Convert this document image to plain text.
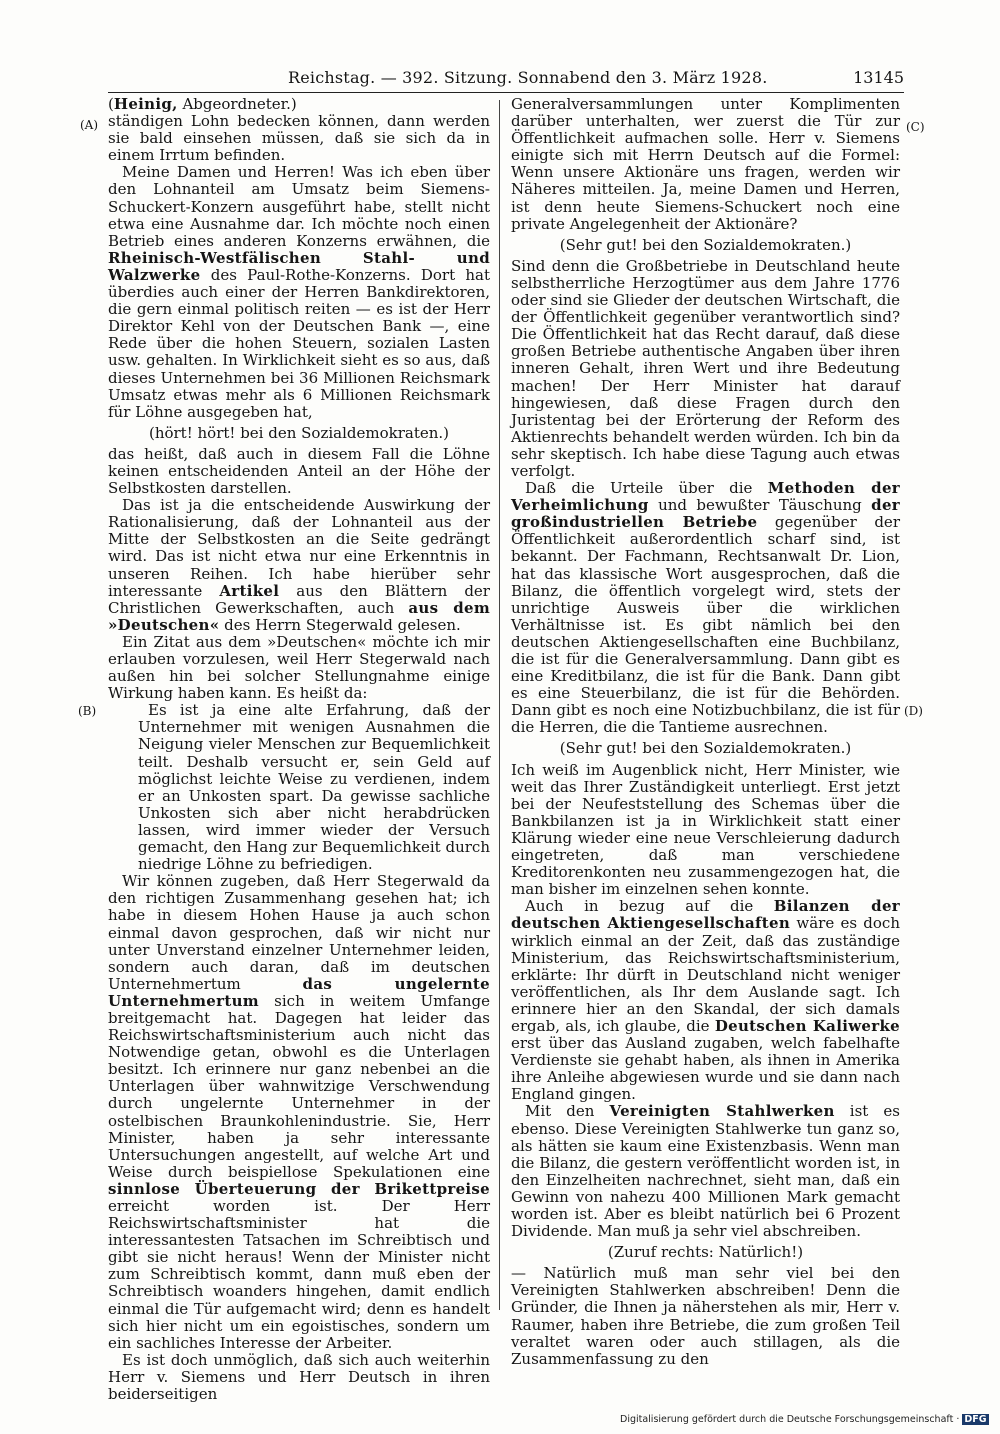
Reichstag. — 392. Sitzung. Sonnabend den 3. März 1928.	13145
(A)
(B)
(C)
(D)

(Heinig, Abgeordneter.)

ständigen Lohn bedecken können, dann werden sie bald einsehen müssen, daß sie sich da in einem Irrtum befinden.

Meine Damen und Herren! Was ich eben über den Lohnanteil am Umsatz beim Siemens-Schuckert-Konzern ausgeführt habe, stellt nicht etwa eine Ausnahme dar. Ich möchte noch einen Betrieb eines anderen Konzerns erwähnen, die Rheinisch-Westfälischen Stahl- und Walzwerke des Paul-Rothe-Konzerns. Dort hat überdies auch einer der Herren Bankdirektoren, die gern einmal politisch reiten — es ist der Herr Direktor Kehl von der Deutschen Bank —, eine Rede über die hohen Steuern, sozialen Lasten usw. gehalten. In Wirklichkeit sieht es so aus, daß dieses Unternehmen bei 36 Millionen Reichsmark Umsatz etwas mehr als 6 Millionen Reichsmark für Löhne ausgegeben hat,

(hört! hört! bei den Sozialdemokraten.)

das heißt, daß auch in diesem Fall die Löhne keinen entscheidenden Anteil an der Höhe der Selbstkosten darstellen.

Das ist ja die entscheidende Auswirkung der Rationalisierung, daß der Lohnanteil aus der Mitte der Selbstkosten an die Seite gedrängt wird. Das ist nicht etwa nur eine Erkenntnis in unseren Reihen. Ich habe hierüber sehr interessante Artikel aus den Blättern der Christlichen Gewerkschaften, auch aus dem »Deutschen« des Herrn Stegerwald gelesen.

Ein Zitat aus dem »Deutschen« möchte ich mir erlauben vorzulesen, weil Herr Stegerwald nach außen hin bei solcher Stellungnahme einige Wirkung haben kann. Es heißt da:

Es ist ja eine alte Erfahrung, daß der Unternehmer mit wenigen Ausnahmen die Neigung vieler Menschen zur Bequemlichkeit teilt. Deshalb versucht er, sein Geld auf möglichst leichte Weise zu verdienen, indem er an Unkosten spart. Da gewisse sachliche Unkosten sich aber nicht herabdrücken lassen, wird immer wieder der Versuch gemacht, den Hang zur Bequemlichkeit durch niedrige Löhne zu befriedigen.

Wir können zugeben, daß Herr Stegerwald da den richtigen Zusammenhang gesehen hat; ich habe in diesem Hohen Hause ja auch schon einmal davon gesprochen, daß wir nicht nur unter Unverstand einzelner Unternehmer leiden, sondern auch daran, daß im deutschen Unternehmertum das ungelernte Unternehmertum sich in weitem Umfange breitgemacht hat. Dagegen hat leider das Reichswirtschaftsministerium auch nicht das Notwendige getan, obwohl es die Unterlagen besitzt. Ich erinnere nur ganz nebenbei an die Unterlagen über wahnwitzige Verschwendung durch ungelernte Unternehmer in der ostelbischen Braunkohlenindustrie. Sie, Herr Minister, haben ja sehr interessante Untersuchungen angestellt, auf welche Art und Weise durch beispiellose Spekulationen eine sinnlose Überteuerung der Brikettpreise erreicht worden ist. Der Herr Reichswirtschaftsminister hat die interessantesten Tatsachen im Schreibtisch und gibt sie nicht heraus! Wenn der Minister nicht zum Schreibtisch kommt, dann muß eben der Schreibtisch woanders hingehen, damit endlich einmal die Tür aufgemacht wird; denn es handelt sich hier nicht um ein egoistisches, sondern um ein sachliches Interesse der Arbeiter.

Es ist doch unmöglich, daß sich auch weiterhin Herr v. Siemens und Herr Deutsch in ihren beiderseitigen

Generalversammlungen unter Komplimenten darüber unterhalten, wer zuerst die Tür zur Öffentlichkeit aufmachen solle. Herr v. Siemens einigte sich mit Herrn Deutsch auf die Formel: Wenn unsere Aktionäre uns fragen, werden wir Näheres mitteilen. Ja, meine Damen und Herren, ist denn heute Siemens-Schuckert noch eine private Angelegenheit der Aktionäre?

(Sehr gut! bei den Sozialdemokraten.)

Sind denn die Großbetriebe in Deutschland heute selbstherrliche Herzogtümer aus dem Jahre 1776 oder sind sie Glieder der deutschen Wirtschaft, die der Öffentlichkeit gegenüber verantwortlich sind? Die Öffentlichkeit hat das Recht darauf, daß diese großen Betriebe authentische Angaben über ihren inneren Gehalt, ihren Wert und ihre Bedeutung machen! Der Herr Minister hat darauf hingewiesen, daß diese Fragen durch den Juristentag bei der Erörterung der Reform des Aktienrechts behandelt werden würden. Ich bin da sehr skeptisch. Ich habe diese Tagung auch etwas verfolgt.

Daß die Urteile über die Methoden der Verheimlichung und bewußter Täuschung der großindustriellen Betriebe gegenüber der Öffentlichkeit außerordentlich scharf sind, ist bekannt. Der Fachmann, Rechtsanwalt Dr. Lion, hat das klassische Wort ausgesprochen, daß die Bilanz, die öffentlich vorgelegt wird, stets der unrichtige Ausweis über die wirklichen Verhältnisse ist. Es gibt nämlich bei den deutschen Aktiengesellschaften eine Buchbilanz, die ist für die Generalversammlung. Dann gibt es eine Kreditbilanz, die ist für die Bank. Dann gibt es eine Steuerbilanz, die ist für die Behörden. Dann gibt es noch eine Notizbuchbilanz, die ist für die Herren, die die Tantieme ausrechnen.

(Sehr gut! bei den Sozialdemokraten.)

Ich weiß im Augenblick nicht, Herr Minister, wie weit das Ihrer Zuständigkeit unterliegt. Erst jetzt bei der Neufeststellung des Schemas über die Bankbilanzen ist ja in Wirklichkeit statt einer Klärung wieder eine neue Verschleierung dadurch eingetreten, daß man verschiedene Kreditorenkonten neu zusammengezogen hat, die man bisher im einzelnen sehen konnte.

Auch in bezug auf die Bilanzen der deutschen Aktiengesellschaften wäre es doch wirklich einmal an der Zeit, daß das zuständige Ministerium, das Reichswirtschaftsministerium, erklärte: Ihr dürft in Deutschland nicht weniger veröffentlichen, als Ihr dem Auslande sagt. Ich erinnere hier an den Skandal, der sich damals ergab, als, ich glaube, die Deutschen Kaliwerke erst über das Ausland zugaben, welch fabelhafte Verdienste sie gehabt haben, als ihnen in Amerika ihre Anleihe abgewiesen wurde und sie dann nach England gingen.

Mit den Vereinigten Stahlwerken ist es ebenso. Diese Vereinigten Stahlwerke tun ganz so, als hätten sie kaum eine Existenzbasis. Wenn man die Bilanz, die gestern veröffentlicht worden ist, in den Einzelheiten nachrechnet, sieht man, daß ein Gewinn von nahezu 400 Millionen Mark gemacht worden ist. Aber es bleibt natürlich bei 6 Prozent Dividende. Man muß ja sehr viel abschreiben.

(Zuruf rechts: Natürlich!)

— Natürlich muß man sehr viel bei den Vereinigten Stahlwerken abschreiben! Denn die Gründer, die Ihnen ja näherstehen als mir, Herr v. Raumer, haben ihre Betriebe, die zum großen Teil veraltet waren oder auch stillagen, als die Zusammenfassung zu den

Digitalisierung gefördert durch die Deutsche Forschungsgemeinschaft · DFG
